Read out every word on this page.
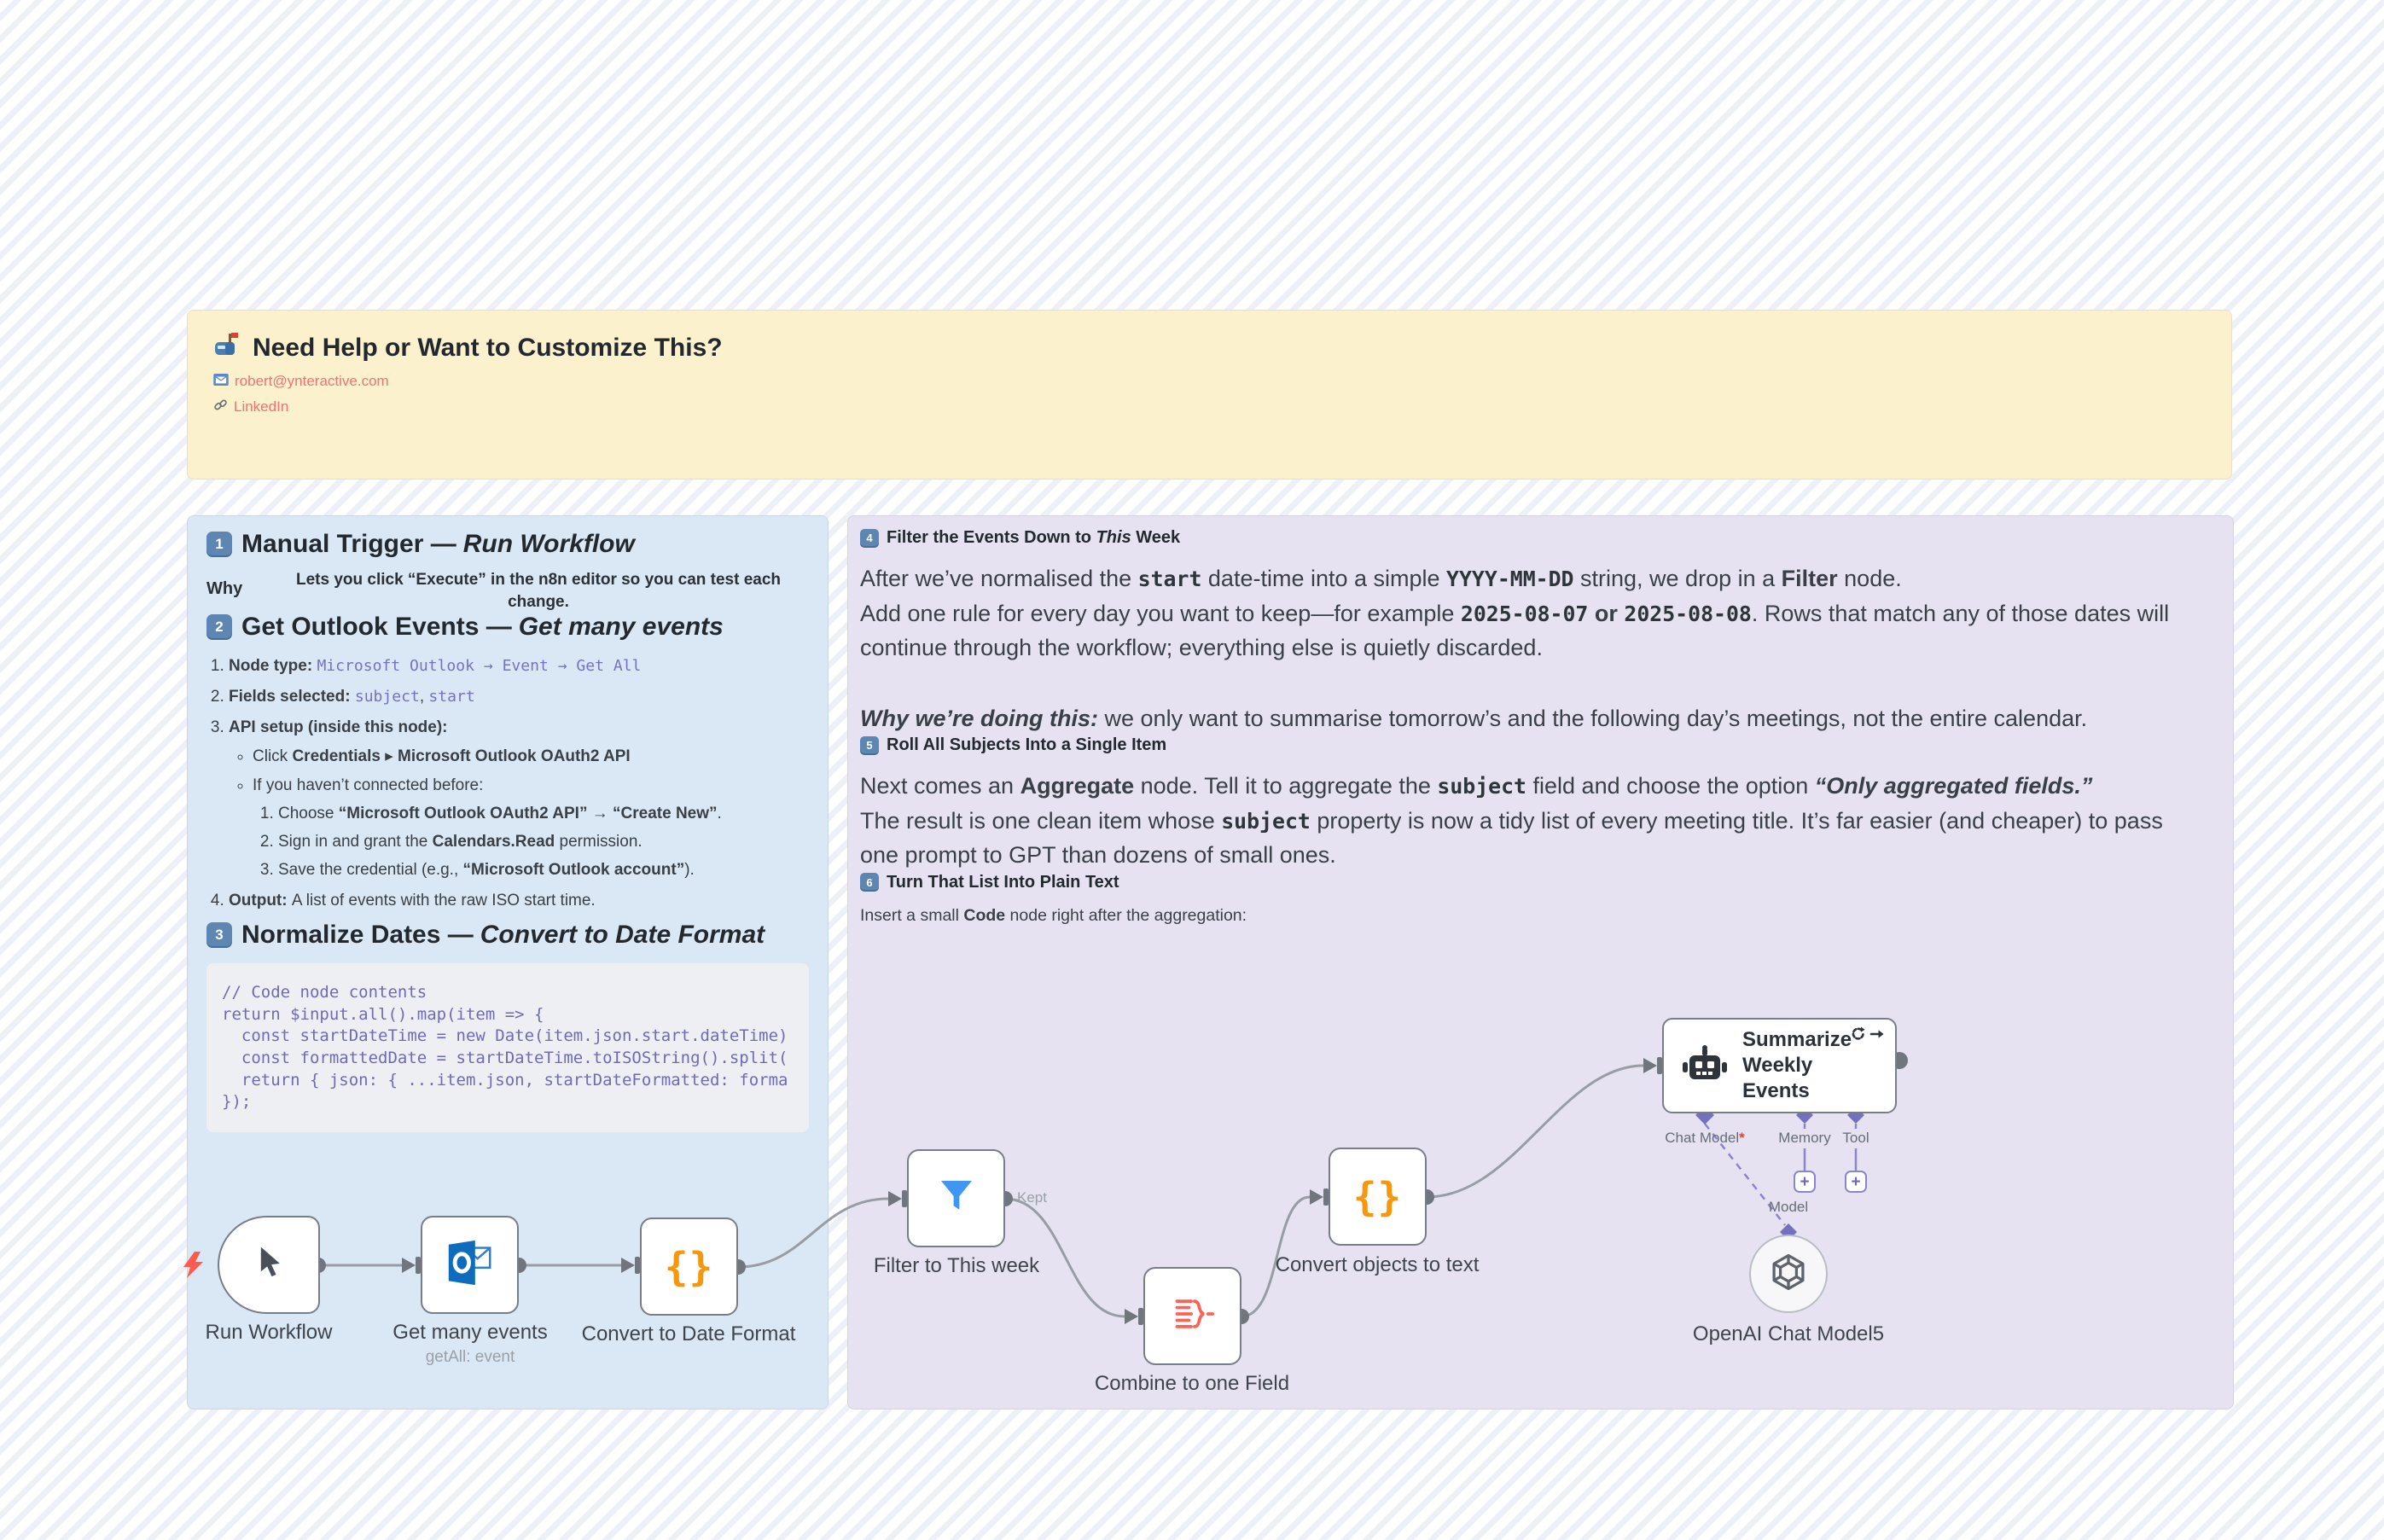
Need Help or Want to Customize This?
robert@ynteractive.com
LinkedIn
1 Manual Trigger — Run Workflow
Why	Lets you click “Execute” in the n8n editor so you can test each change.
2 Get Outlook Events — Get many events
1. Node type: Microsoft Outlook → Event → Get All
2. Fields selected: subject, start
3. API setup (inside this node):
◦ Click Credentials ▸ Microsoft Outlook OAuth2 API
◦ If you haven’t connected before:
1. Choose “Microsoft Outlook OAuth2 API” → “Create New”.
2. Sign in and grant the Calendars.Read permission.
3. Save the credential (e.g., “Microsoft Outlook account”).
4. Output: A list of events with the raw ISO start time.
3 Normalize Dates — Convert to Date Format
// Code node contents
return $input.all().map(item => {
const startDateTime = new Date(item.json.start.dateTime)
const formattedDate = startDateTime.toISOString().split(
return { json: { ...item.json, startDateFormatted: forma
});
4 Filter the Events Down to This Week

After we’ve normalised the start date-time into a simple YYYY-MM-DD string, we drop in a Filter node.

Add one rule for every day you want to keep—for example 2025-08-07 or 2025-08-08. Rows that match any of those dates will continue through the workflow; everything else is quietly discarded.

Why we’re doing this: we only want to summarise tomorrow’s and the following day’s meetings, not the entire calendar.

5 Roll All Subjects Into a Single Item

Next comes an Aggregate node. Tell it to aggregate the subject field and choose the option “Only aggregated fields.”

The result is one clean item whose subject property is now a tidy list of every meeting title. It’s far easier (and cheaper) to pass one prompt to GPT than dozens of small ones.

6 Turn That List Into Plain Text

Insert a small Code node right after the aggregation:

Run Workflow	Get many events
getAll: event
{}
Convert to Date Format
Filter to This week
Kept
Combine to one Field
{}
Convert objects to text
Summarize Weekly Events
Chat Model* Memory Tool
Model
+	+
OpenAI Chat Model5
